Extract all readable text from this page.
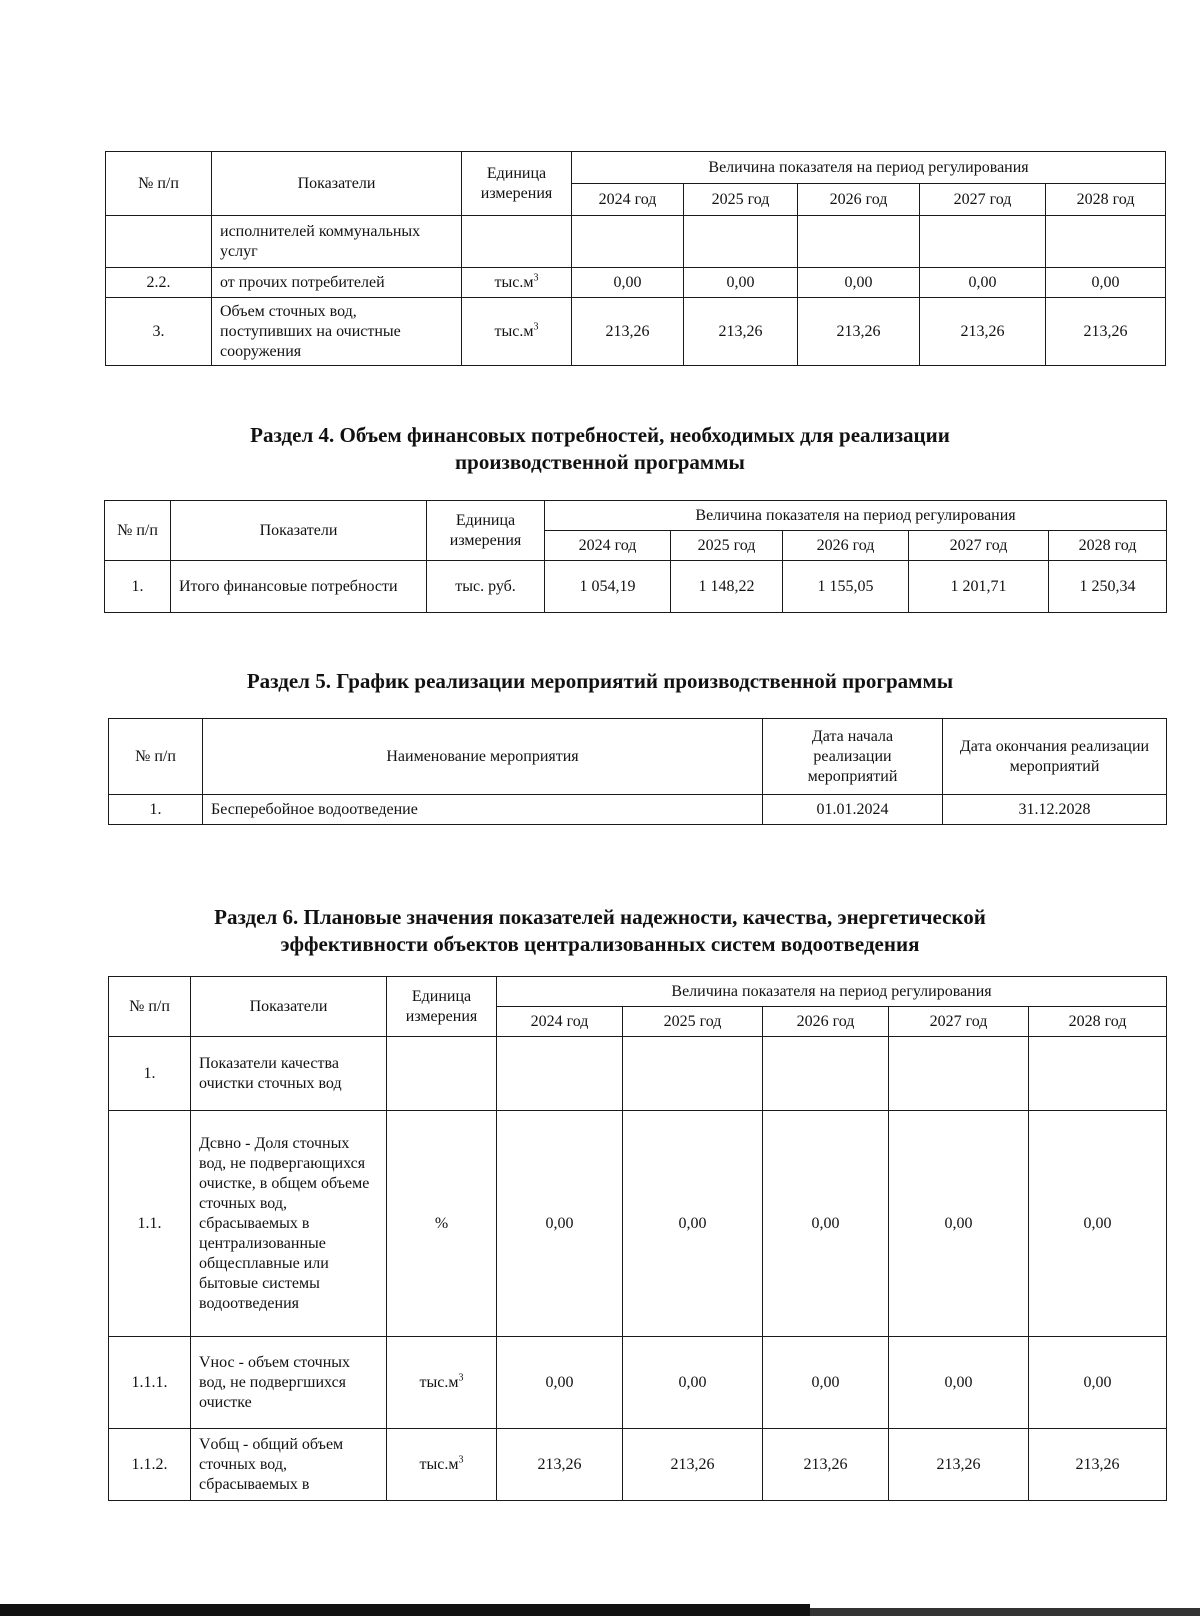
№ п/п	Показатели	Единица измерения	Величина показателя на период регулирования				
			2024 год	2025 год	2026 год	2027 год	2028 год
	исполнителей коммунальных услуг						
2.2.	от прочих потребителей	$тыс.м^3$	0,00	0,00	0,00	0,00	0,00
3.	Объем сточных вод, поступивших на очистные сооружения	$тыс.м^3$	213,26	213,26	213,26	213,26	213,26
Раздел 4. Объем финансовых потребностей, необходимых для реализации
производственной программы
№ п/п	Показатели	Единица измерения	Величина показателя на период регулирования				
			2024 год	2025 год	2026 год	2027 год	2028 год
1.	Итого финансовые потребности	тыс. руб.	1 054,19	1 148,22	1 155,05	1 201,71	1 250,34
Раздел 5. График реализации мероприятий производственной программы
№ п/п	Наименование мероприятия	Дата начала реализации мероприятий	Дата окончания реализации мероприятий
1.	Бесперебойное водоотведение	01.01.2024	31.12.2028
Раздел 6. Плановые значения показателей надежности, качества, энергетической
эффективности объектов централизованных систем водоотведения
№ п/п	Показатели	Единица измерения	Величина показателя на период регулирования				
			2024 год	2025 год	2026 год	2027 год	2028 год
1.	Показатели качества очистки сточных вод						
1.1.	Дсвно - Доля сточных вод, не подвергающихся очистке, в общем объеме сточных вод, сбрасываемых в централизованные общесплавные или бытовые системы водоотведения	%	0,00	0,00	0,00	0,00	0,00
1.1.1.	Vнос - объем сточных вод, не подвергшихся очистке	$тыс.м^3$	0,00	0,00	0,00	0,00	0,00
1.1.2.	Vобщ - общий объем сточных вод, сбрасываемых в	$тыс.м^3$	213,26	213,26	213,26	213,26	213,26
